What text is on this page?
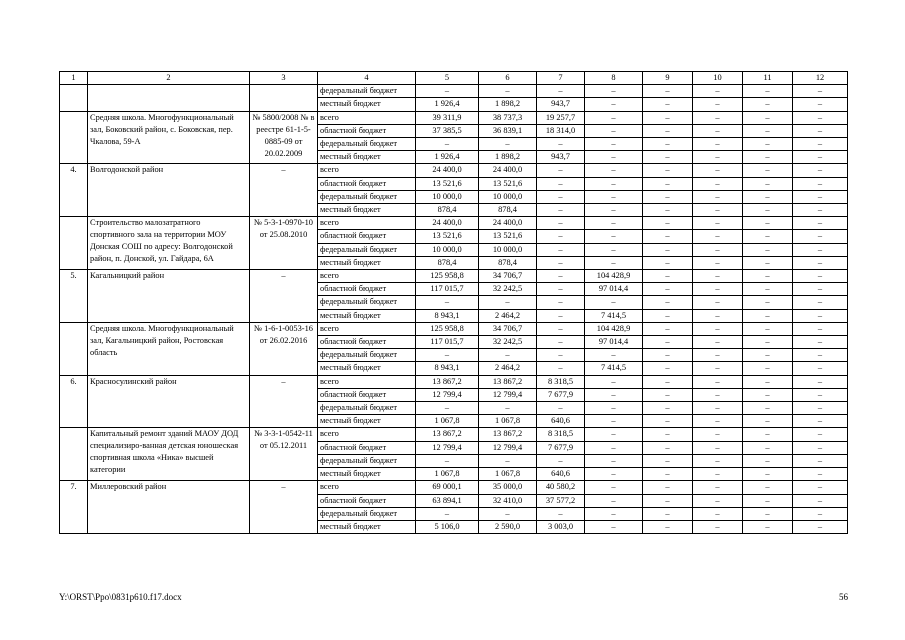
1	2	3	4	5	6	7	8	9	10	11	12
			федеральный бюджет	–	–	–	–	–	–	–	–
			местный бюджет	1 926,4	1 898,2	943,7	–	–	–	–	–
	Средняя школа. Многофункциональный зал, Боковский район, с. Боковская, пер. Чкалова, 59-А	№ 5800/2008 № в реестре 61-1-5-0885-09 от 20.02.2009	всего	39 311,9	38 737,3	19 257,7	–	–	–	–	–
			областной бюджет	37 385,5	36 839,1	18 314,0	–	–	–	–	–
			федеральный бюджет	–	–	–	–	–	–	–	–
			местный бюджет	1 926,4	1 898,2	943,7	–	–	–	–	–
4.	Волгодонской район	–	всего	24 400,0	24 400,0	–	–	–	–	–	–
			областной бюджет	13 521,6	13 521,6	–	–	–	–	–	–
			федеральный бюджет	10 000,0	10 000,0	–	–	–	–	–	–
			местный бюджет	878,4	878,4	–	–	–	–	–	–
	Строительство малозатратного спортивного зала на территории МОУ Донская СОШ по адресу: Волгодонской район, п. Донской, ул. Гайдара, 6А	№ 5-3-1-0970-10 от 25.08.2010	всего	24 400,0	24 400,0	–	–	–	–	–	–
			областной бюджет	13 521,6	13 521,6	–	–	–	–	–	–
			федеральный бюджет	10 000,0	10 000,0	–	–	–	–	–	–
			местный бюджет	878,4	878,4	–	–	–	–	–	–
5.	Кагальницкий район	–	всего	125 958,8	34 706,7	–	104 428,9	–	–	–	–
			областной бюджет	117 015,7	32 242,5	–	97 014,4	–	–	–	–
			федеральный бюджет	–	–	–	–	–	–	–	–
			местный бюджет	8 943,1	2 464,2	–	7 414,5	–	–	–	–
	Средняя школа. Многофункциональный зал, Кагальницкий район, Ростовская область	№ 1-6-1-0053-16 от 26.02.2016	всего	125 958,8	34 706,7	–	104 428,9	–	–	–	–
			областной бюджет	117 015,7	32 242,5	–	97 014,4	–	–	–	–
			федеральный бюджет	–	–	–	–	–	–	–	–
			местный бюджет	8 943,1	2 464,2	–	7 414,5	–	–	–	–
6.	Красносулинский район	–	всего	13 867,2	13 867,2	8 318,5	–	–	–	–	–
			областной бюджет	12 799,4	12 799,4	7 677,9	–	–	–	–	–
			федеральный бюджет	–	–	–	–	–	–	–	–
			местный бюджет	1 067,8	1 067,8	640,6	–	–	–	–	–
	Капитальный ремонт зданий МАОУ ДОД специализиро-ванная детская юношеская спортивная школа «Ника» высшей категории	№ 3-3-1-0542-11 от 05.12.2011	всего	13 867,2	13 867,2	8 318,5	–	–	–	–	–
			областной бюджет	12 799,4	12 799,4	7 677,9	–	–	–	–	–
			федеральный бюджет	–	–	–	–	–	–	–	–
			местный бюджет	1 067,8	1 067,8	640,6	–	–	–	–	–
7.	Миллеровский район	–	всего	69 000,1	35 000,0	40 580,2	–	–	–	–	–
			областной бюджет	63 894,1	32 410,0	37 577,2	–	–	–	–	–
			федеральный бюджет	–	–	–	–	–	–	–	–
			местный бюджет	5 106,0	2 590,0	3 003,0	–	–	–	–	–
Y:\ORST\Ppo\0831p610.f17.docx	56
